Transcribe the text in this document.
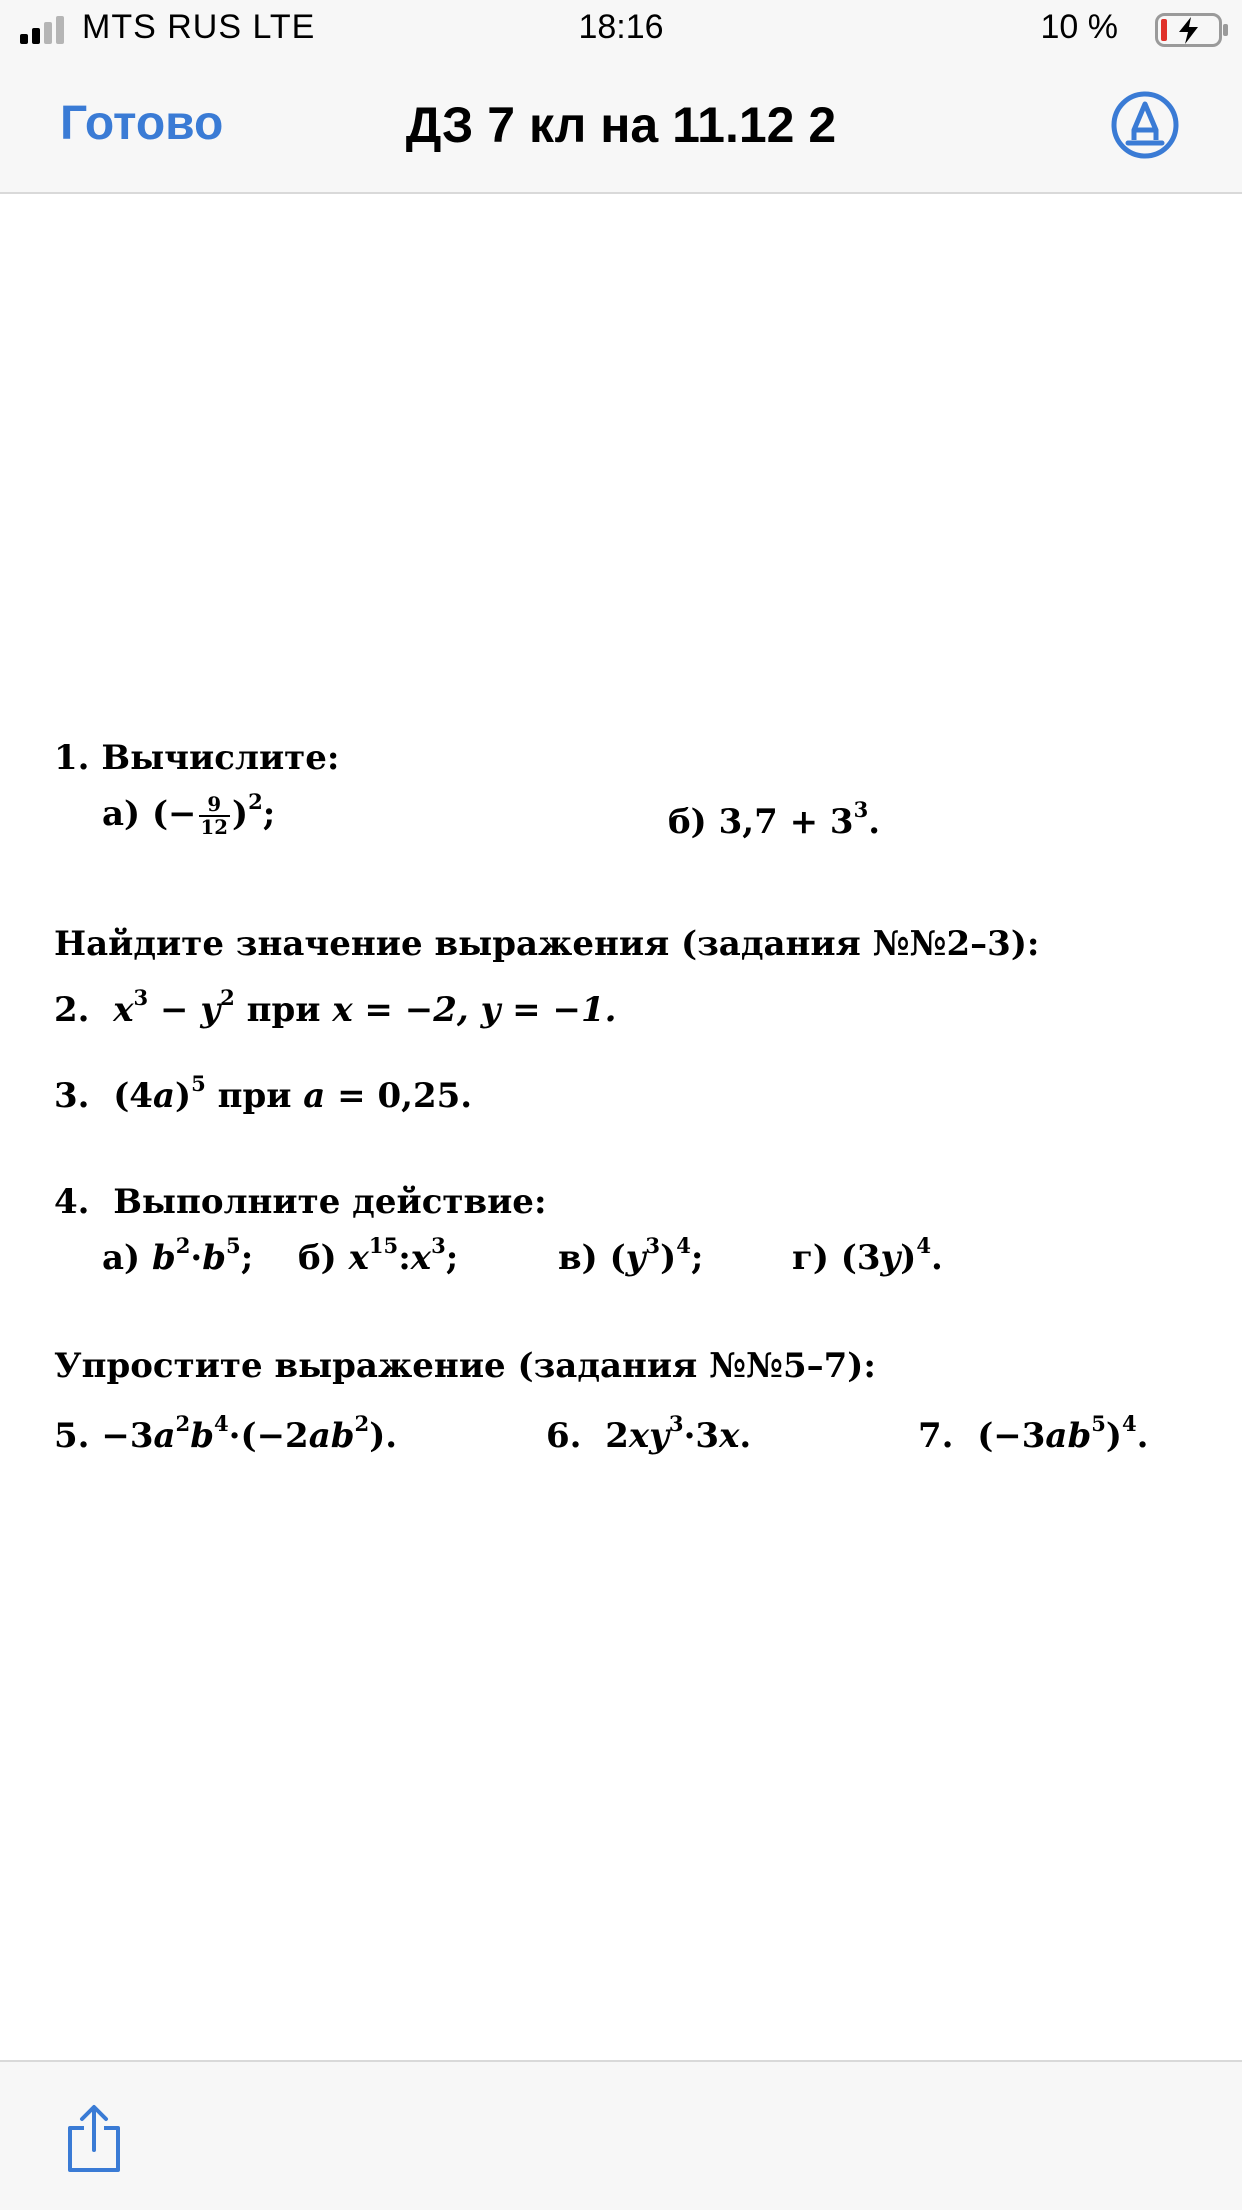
MTS RUS LTE	18:16	10 %
Готово	ДЗ 7 кл на 11.12 2
1. Вычислите:
а) (− $\frac{9}{12} )^2$;	б) $3,7 + 3^3$.
Найдите значение выражения (задания №№2–3):
2. $x^3 - y^2$ при x = −2, y = −1.
3. $(4a)^5$ при a = 0,25.
4. Выполните действие:
а) $b^2\cdot b^5$; б) $x^{15}:x^3$;	в) $(y^3)^4$;	г) $(3y)^4$.
Упростите выражение (задания №№5–7):
5. $-3a^2b^4\cdot(-2ab^2)$.	6. $2xy^3\cdot 3x$.	7. $(-3ab^5)^4$.
